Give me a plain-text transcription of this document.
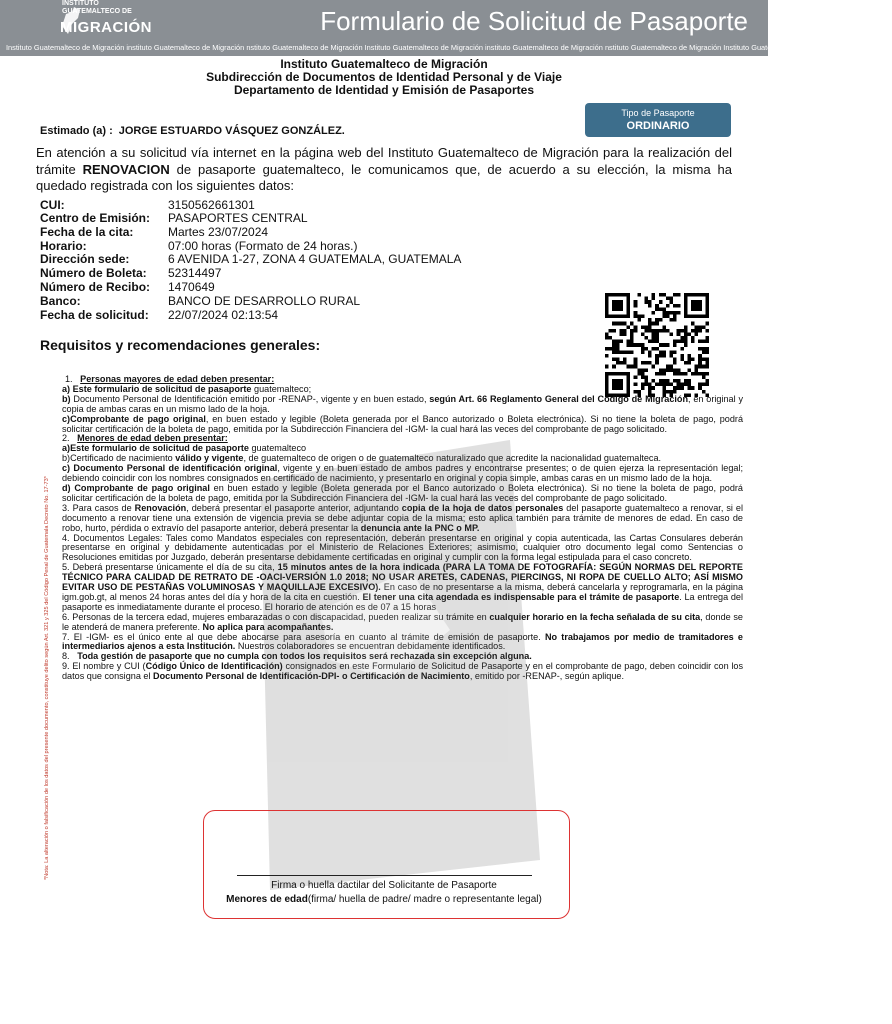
INSTITUTO
GUATEMALTECO DE
MIGRACIÓN	Formulario de Solicitud de Pasaporte
Instituto Guatemalteco de Migración instituto Guatemalteco de Migración nstituto Guatemalteco de Migración Instituto Guatemalteco de Migración instituto Guatemalteco de Migración nstituto Guatemalteco de Migración Instituto Guatemalteco de Migración Instituto Guate
Instituto Guatemalteco de Migración
Subdirección de Documentos de Identidad Personal y de Viaje
Departamento de Identidad y Emisión de Pasaportes
Tipo de Pasaporte
ORDINARIO
Estimado (a) : JORGE ESTUARDO VÁSQUEZ GONZÁLEZ.
En atención a su solicitud vía internet en la página web del Instituto Guatemalteco de Migración para la realización del trámite RENOVACION de pasaporte guatemalteco, le comunicamos que, de acuerdo a su elección, la misma ha quedado registrada con los siguientes datos:
CUI:	3150562661301
Centro de Emisión: PASAPORTES CENTRAL
Fecha de la cita:	Martes 23/07/2024
Horario:	07:00 horas (Formato de 24 horas.)
Dirección sede:	6 AVENIDA 1-27, ZONA 4 GUATEMALA, GUATEMALA
Número de Boleta: 52314497
Número de Recibo: 1470649
Banco:	BANCO DE DESARROLLO RURAL
Fecha de solicitud: 22/07/2024 02:13:54
Requisitos y recomendaciones generales:

1.   Personas mayores de edad deben presentar:

a) Este formulario de solicitud de pasaporte guatemalteco;

b) Documento Personal de Identificación emitido por -RENAP-, vigente y en buen estado, según Art. 66 Reglamento General del Código de Migración, en original y copia de ambas caras en un mismo lado de la hoja.

c)Comprobante de pago original, en buen estado y legible (Boleta generada por el Banco autorizado o Boleta electrónica). Si no tiene la boleta de pago, podrá solicitar certificación de la boleta de pago, emitida por la Subdirección Financiera del -IGM- la cual hará las veces del comprobante de pago solicitado.

2.   Menores de edad deben presentar:

a)Este formulario de solicitud de pasaporte guatemalteco

b)Certificado de nacimiento válido y vigente, de guatemalteco de origen o de guatemalteco naturalizado que acredite la nacionalidad guatemalteca.

c) Documento Personal de identificación original, vigente y en buen estado de ambos padres y encontrarse presentes; o de quien ejerza la representación legal; debiendo coincidir con los nombres consignados en certificado de nacimiento, y presentarlo en original y copia simple, ambas caras en un mismo lado de la hoja.

d) Comprobante de pago original en buen estado y legible (Boleta generada por el Banco autorizado o Boleta electrónica). Si no tiene la boleta de pago, podrá solicitar certificación de la boleta de pago, emitida por la Subdirección Financiera del -IGM- la cual hará las veces del comprobante de pago solicitado.

3. Para casos de Renovación, deberá presentar el pasaporte anterior, adjuntando copia de la hoja de datos personales del pasaporte guatemalteco a renovar, si el documento a renovar tiene una extensión de vigencia previa se debe adjuntar copia de la misma; esto aplica también para trámite de menores de edad. En caso de robo, hurto, pérdida o extravío del pasaporte anterior, deberá presentar la denuncia ante la PNC o MP.

4. Documentos Legales: Tales como Mandatos especiales con representación, deberán presentarse en original y copia autenticada, las Cartas Consulares deberán presentarse en original y debidamente autenticadas por el Ministerio de Relaciones Exteriores; asimismo, cualquier otro documento legal como Sentencias o Resoluciones emitidas por Juzgado, deberán presentarse debidamente certificadas en original y cumplir con la forma legal estipulada para el caso concreto.

5. Deberá presentarse únicamente el día de su cita, 15 minutos antes de la hora indicada (PARA LA TOMA DE FOTOGRAFÍA: SEGÚN NORMAS DEL REPORTE TÉCNICO PARA CALIDAD DE RETRATO DE -OACI-VERSIÓN 1.0 2018; NO USAR ARETES, CADENAS, PIERCINGS, NI ROPA DE CUELLO ALTO; ASÍ MISMO EVITAR USO DE PESTAÑAS VOLUMINOSAS Y MAQUILLAJE EXCESIVO). En caso de no presentarse a la misma, deberá cancelarla y reprogramarla, en la página igm.gob.gt, al menos 24 horas antes del día y hora de la cita en cuestión. El tener una cita agendada es indispensable para el trámite de pasaporte. La entrega del pasaporte es inmediatamente durante el proceso. El horario de atención es de 07 a 15 horas

6. Personas de la tercera edad, mujeres embarazadas o con discapacidad, pueden realizar su trámite en cualquier horario en la fecha señalada de su cita, donde se le atenderá de manera preferente. No aplica para acompañantes.

7. El -IGM- es el único ente al que debe abocarse para asesoría en cuanto al trámite de emisión de pasaporte. No trabajamos por medio de tramitadores e intermediarios ajenos a esta Institución. Nuestros colaboradores se encuentran debidamente identificados.

8. Toda gestión de pasaporte que no cumpla con todos los requisitos será rechazada sin excepción alguna.

9. El nombre y CUI (Código Único de Identificación) consignados en este Formulario de Solicitud de Pasaporte y en el comprobante de pago, deben coincidir con los datos que consigna el Documento Personal de Identificación-DPI- o Certificación de Nacimiento, emitido por -RENAP-, según aplique.

*Nota: La alteración o falsificación de los datos del presente documento, constituye delito según Art. 321 y 325 del Código Penal de Guatemala Decreto No. 17-73*
Firma o huella dactilar del Solicitante de Pasaporte
Menores de edad(firma/ huella de padre/ madre o representante legal)
